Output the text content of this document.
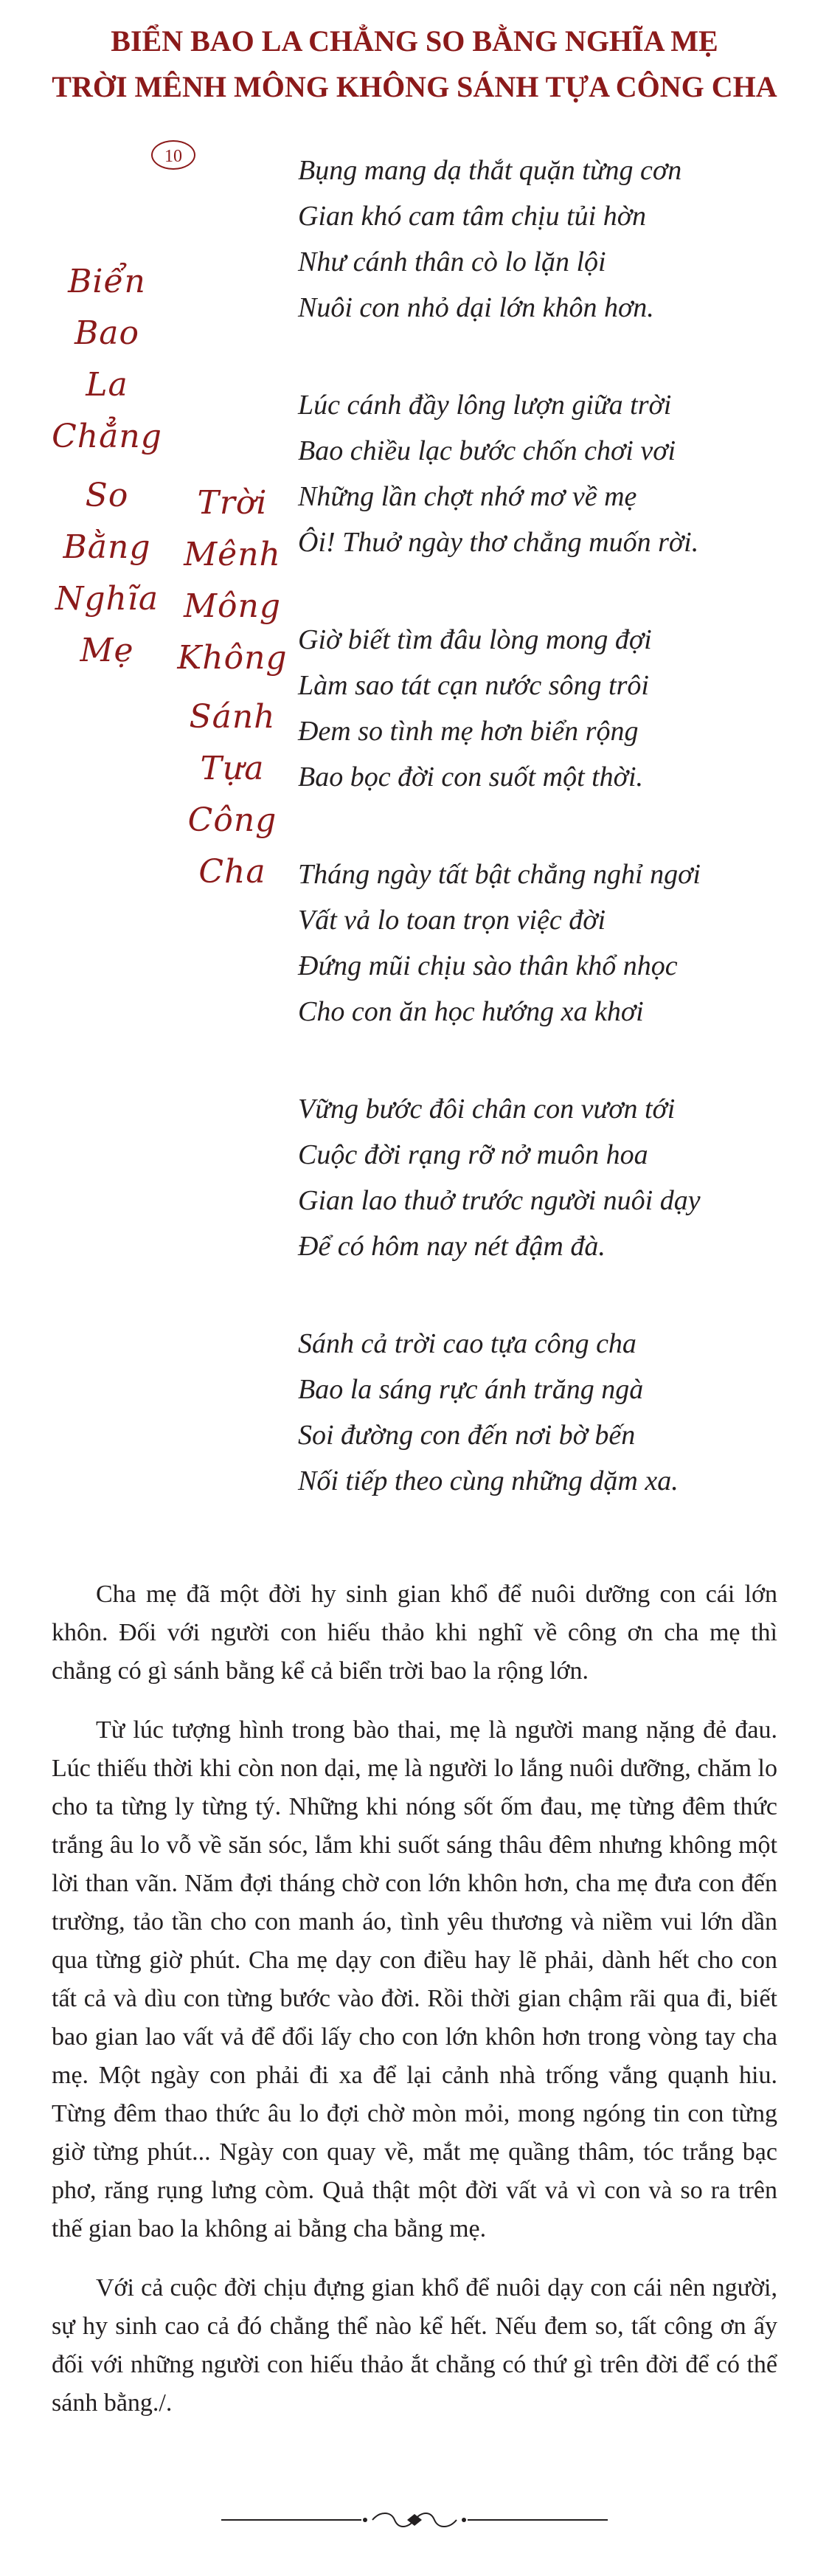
BIỂN BAO LA CHẲNG SO BẰNG NGHĨA MẸ
TRỜI MÊNH MÔNG KHÔNG SÁNH TỰA CÔNG CHA
10
Biển
Bao
La
Chẳng
So
Bằng
Nghĩa
Mẹ
Trời
Mênh
Mông
Không
Sánh
Tựa
Công
Cha
Bụng mang dạ thắt quặn từng cơn
Gian khó cam tâm chịu tủi hờn
Như cánh thân cò lo lặn lội
Nuôi con nhỏ dại lớn khôn hơn.
Lúc cánh đầy lông lượn giữa trời
Bao chiều lạc bước chốn chơi vơi
Những lần chợt nhớ mơ về mẹ
Ôi! Thuở ngày thơ chẳng muốn rời.
Giờ biết tìm đâu lòng mong đợi
Làm sao tát cạn nước sông trôi
Đem so tình mẹ hơn biển rộng
Bao bọc đời con suốt một thời.
Tháng ngày tất bật chẳng nghỉ ngơi
Vất vả lo toan trọn việc đời
Đứng mũi chịu sào thân khổ nhọc
Cho con ăn học hướng xa khơi
Vững bước đôi chân con vươn tới
Cuộc đời rạng rỡ nở muôn hoa
Gian lao thuở trước người nuôi dạy
Để có hôm nay nét đậm đà.
Sánh cả trời cao tựa công cha
Bao la sáng rực ánh trăng ngà
Soi đường con đến nơi bờ bến
Nối tiếp theo cùng những dặm xa.

Cha mẹ đã một đời hy sinh gian khổ để nuôi dưỡng con cái lớn khôn. Đối với người con hiếu thảo khi nghĩ về công ơn cha mẹ thì chẳng có gì sánh bằng kể cả biển trời bao la rộng lớn.

Từ lúc tượng hình trong bào thai, mẹ là người mang nặng đẻ đau. Lúc thiếu thời khi còn non dại, mẹ là người lo lắng nuôi dưỡng, chăm lo cho ta từng ly từng tý. Những khi nóng sốt ốm đau, mẹ từng đêm thức trắng âu lo vỗ về săn sóc, lắm khi suốt sáng thâu đêm nhưng không một lời than vãn. Năm đợi tháng chờ con lớn khôn hơn, cha mẹ đưa con đến trường, tảo tần cho con manh áo, tình yêu thương và niềm vui lớn dần qua từng giờ phút. Cha mẹ dạy con điều hay lẽ phải, dành hết cho con tất cả và dìu con từng bước vào đời. Rồi thời gian chậm rãi qua đi, biết bao gian lao vất vả để đổi lấy cho con lớn khôn hơn trong vòng tay cha mẹ. Một ngày con phải đi xa để lại cảnh nhà trống vắng quạnh hiu. Từng đêm thao thức âu lo đợi chờ mòn mỏi, mong ngóng tin con từng giờ từng phút... Ngày con quay về, mắt mẹ quầng thâm, tóc trắng bạc phơ, răng rụng lưng còm. Quả thật một đời vất vả vì con và so ra trên thế gian bao la không ai bằng cha bằng mẹ.

Với cả cuộc đời chịu đựng gian khổ để nuôi dạy con cái nên người, sự hy sinh cao cả đó chẳng thể nào kể hết. Nếu đem so, tất công ơn ấy đối với những người con hiếu thảo ắt chẳng có thứ gì trên đời để có thể sánh bằng./.
